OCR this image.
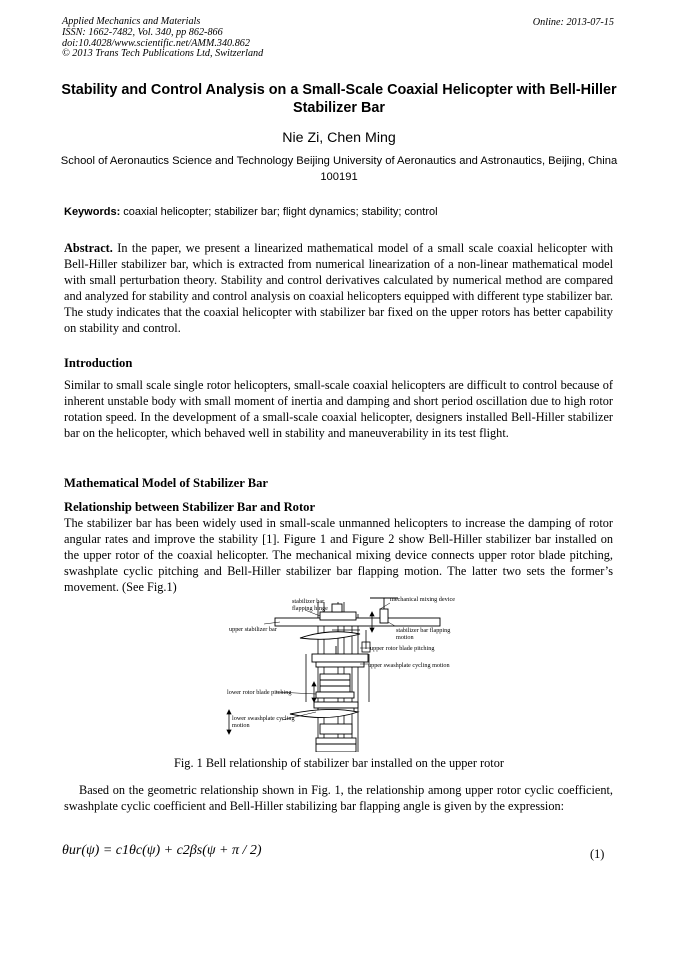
Applied Mechanics and Materials
ISSN: 1662-7482, Vol. 340, pp 862-866
doi:10.4028/www.scientific.net/AMM.340.862
© 2013 Trans Tech Publications Ltd, Switzerland
Online: 2013-07-15
Stability and Control Analysis on a Small-Scale Coaxial Helicopter with Bell-Hiller Stabilizer Bar
Nie Zi, Chen Ming
School of Aeronautics Science and Technology Beijing University of Aeronautics and Astronautics, Beijing, China 100191
Keywords: coaxial helicopter; stabilizer bar; flight dynamics; stability; control
Abstract. In the paper, we present a linearized mathematical model of a small scale coaxial helicopter with Bell-Hiller stabilizer bar, which is extracted from numerical linearization of a non-linear mathematical model with small perturbation theory. Stability and control derivatives calculated by numerical method are compared and analyzed for stability and control analysis on coaxial helicopters equipped with different type stabilizer bar. The study indicates that the coaxial helicopter with stabilizer bar fixed on the upper rotors has better capability on stability and control.
Introduction
Similar to small scale single rotor helicopters, small-scale coaxial helicopters are difficult to control because of inherent unstable body with small moment of inertia and damping and short period oscillation due to high rotor rotation speed. In the development of a small-scale coaxial helicopter, designers installed Bell-Hiller stabilizer bar on the helicopter, which behaved well in stability and maneuverability in its test flight.
Mathematical Model of Stabilizer Bar
Relationship between Stabilizer Bar and Rotor
The stabilizer bar has been widely used in small-scale unmanned helicopters to increase the damping of rotor angular rates and improve the stability [1]. Figure 1 and Figure 2 show Bell-Hiller stabilizer bar installed on the upper rotor of the coaxial helicopter. The mechanical mixing device connects upper rotor blade pitching, swashplate cyclic pitching and Bell-Hiller stabilizer bar flapping motion. The latter two sets the former’s movement. (See Fig.1)
stabilizer bar
flapping hinge
mechanical mixing device
upper stabilizer bar	stabilizer bar flapping
motion
upper rotor blade pitching
upper swashplate cycling motion
lower rotor blade pitching
lower swashplate cycling
motion
Fig. 1 Bell relationship of stabilizer bar installed on the upper rotor
Based on the geometric relationship shown in Fig. 1, the relationship among upper rotor cyclic coefficient, swashplate cyclic coefficient and Bell-Hiller stabilizing bar flapping angle is given by the expression:
θur(ψ) = c1θc(ψ) + c2βs(ψ + π / 2)	(1)
